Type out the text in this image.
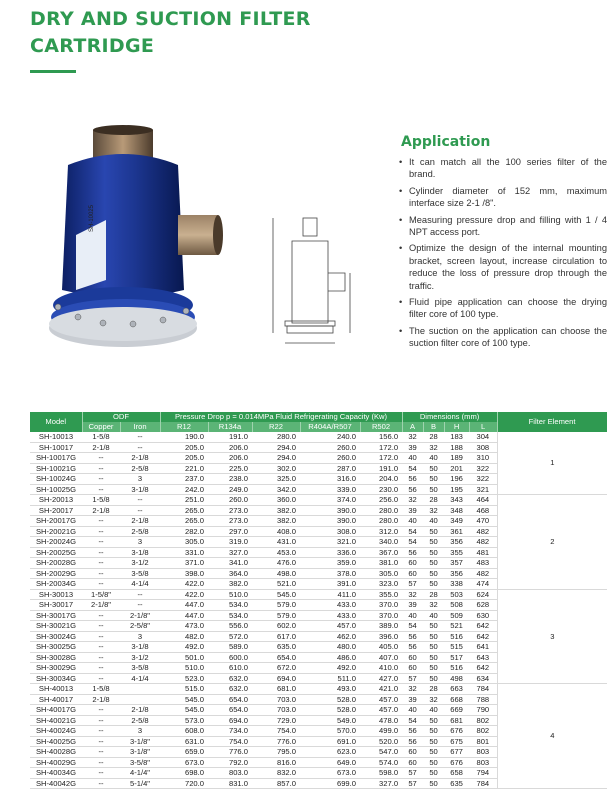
DRY AND SUCTION FILTER
CARTRIDGE
SH-10025
Application
• It can match all the 100 series filter of the brand.
• Cylinder diameter of 152 mm, maximum interface size 2-1 /8".
• Measuring pressure drop and filling with 1 / 4 NPT access port.
• Optimize the design of the internal mounting bracket, screen layout, increase circulation to reduce the loss of pressure drop through the traffic.
• Fluid pipe application can choose the drying filter core of 100 type.
• The suction on the application can choose the suction filter core of 100 type.
Model	ODF		Pressure Drop p = 0.014MPa Fluid Refrigerating Capacity (Kw)					Dimensions (mm)				Filter Element
	Copper	Iron	R12	R134a	R22	R404A/R507	R502	A	B	H	L	
SH-10013	1-5/8	--	190.0	191.0	280.0	240.0	156.0	32	28	183	304	1
SH-10017	2-1/8	--	205.0	206.0	294.0	260.0	172.0	39	32	188	308	
SH-10017G	--	2-1/8	205.0	206.0	294.0	260.0	172.0	40	40	189	310	
SH-10021G	--	2-5/8	221.0	225.0	302.0	287.0	191.0	54	50	201	322	
SH-10024G	--	3	237.0	238.0	325.0	316.0	204.0	56	50	196	322	
SH-10025G	--	3-1/8	242.0	249.0	342.0	339.0	230.0	56	50	195	321	
SH-20013	1-5/8	--	251.0	260.0	360.0	374.0	256.0	32	28	343	464	2
SH-20017	2-1/8	--	265.0	273.0	382.0	390.0	280.0	39	32	348	468	
SH-20017G	--	2-1/8	265.0	273.0	382.0	390.0	280.0	40	40	349	470	
SH-20021G	--	2-5/8	282.0	297.0	408.0	308.0	312.0	54	50	361	482	
SH-20024G	--	3	305.0	319.0	431.0	321.0	340.0	54	50	356	482	
SH-20025G	--	3-1/8	331.0	327.0	453.0	336.0	367.0	56	50	355	481	
SH-20028G	--	3-1/2	371.0	341.0	476.0	359.0	381.0	60	50	357	483	
SH-20029G	--	3-5/8	398.0	364.0	498.0	378.0	305.0	60	50	356	482	
SH-20034G	--	4-1/4	422.0	382.0	521.0	391.0	323.0	57	50	338	474	
SH-30013	1-5/8"	--	422.0	510.0	545.0	411.0	355.0	32	28	503	624	3
SH-30017	2-1/8"	--	447.0	534.0	579.0	433.0	370.0	39	32	508	628	
SH-30017G	--	2-1/8"	447.0	534.0	579.0	433.0	370.0	40	40	509	630	
SH-30021G	--	2-5/8"	473.0	556.0	602.0	457.0	389.0	54	50	521	642	
SH-30024G	--	3	482.0	572.0	617.0	462.0	396.0	56	50	516	642	
SH-30025G	--	3-1/8	492.0	589.0	635.0	480.0	405.0	56	50	515	641	
SH-30028G	--	3-1/2	501.0	600.0	654.0	486.0	407.0	60	50	517	643	
SH-30029G	--	3-5/8	510.0	610.0	672.0	492.0	410.0	60	50	516	642	
SH-30034G	--	4-1/4	523.0	632.0	694.0	511.0	427.0	57	50	498	634	
SH-40013	1-5/8		515.0	632.0	681.0	493.0	421.0	32	28	663	784	4
SH-40017	2-1/8		545.0	654.0	703.0	528.0	457.0	39	32	668	788	
SH-40017G	--	2-1/8	545.0	654.0	703.0	528.0	457.0	40	40	669	790	
SH-40021G	--	2-5/8	573.0	694.0	729.0	549.0	478.0	54	50	681	802	
SH-40024G	--	3	608.0	734.0	754.0	570.0	499.0	56	50	676	802	
SH-40025G	--	3-1/8"	631.0	754.0	776.0	691.0	520.0	56	50	675	801	
SH-40028G	--	3-1/8"	659.0	776.0	795.0	623.0	547.0	60	50	677	803	
SH-40029G	--	3-5/8"	673.0	792.0	816.0	649.0	574.0	60	50	676	803	
SH-40034G	--	4-1/4"	698.0	803.0	832.0	673.0	598.0	57	50	658	794	
SH-40042G	--	5-1/4"	720.0	831.0	857.0	699.0	327.0	57	50	635	784	
